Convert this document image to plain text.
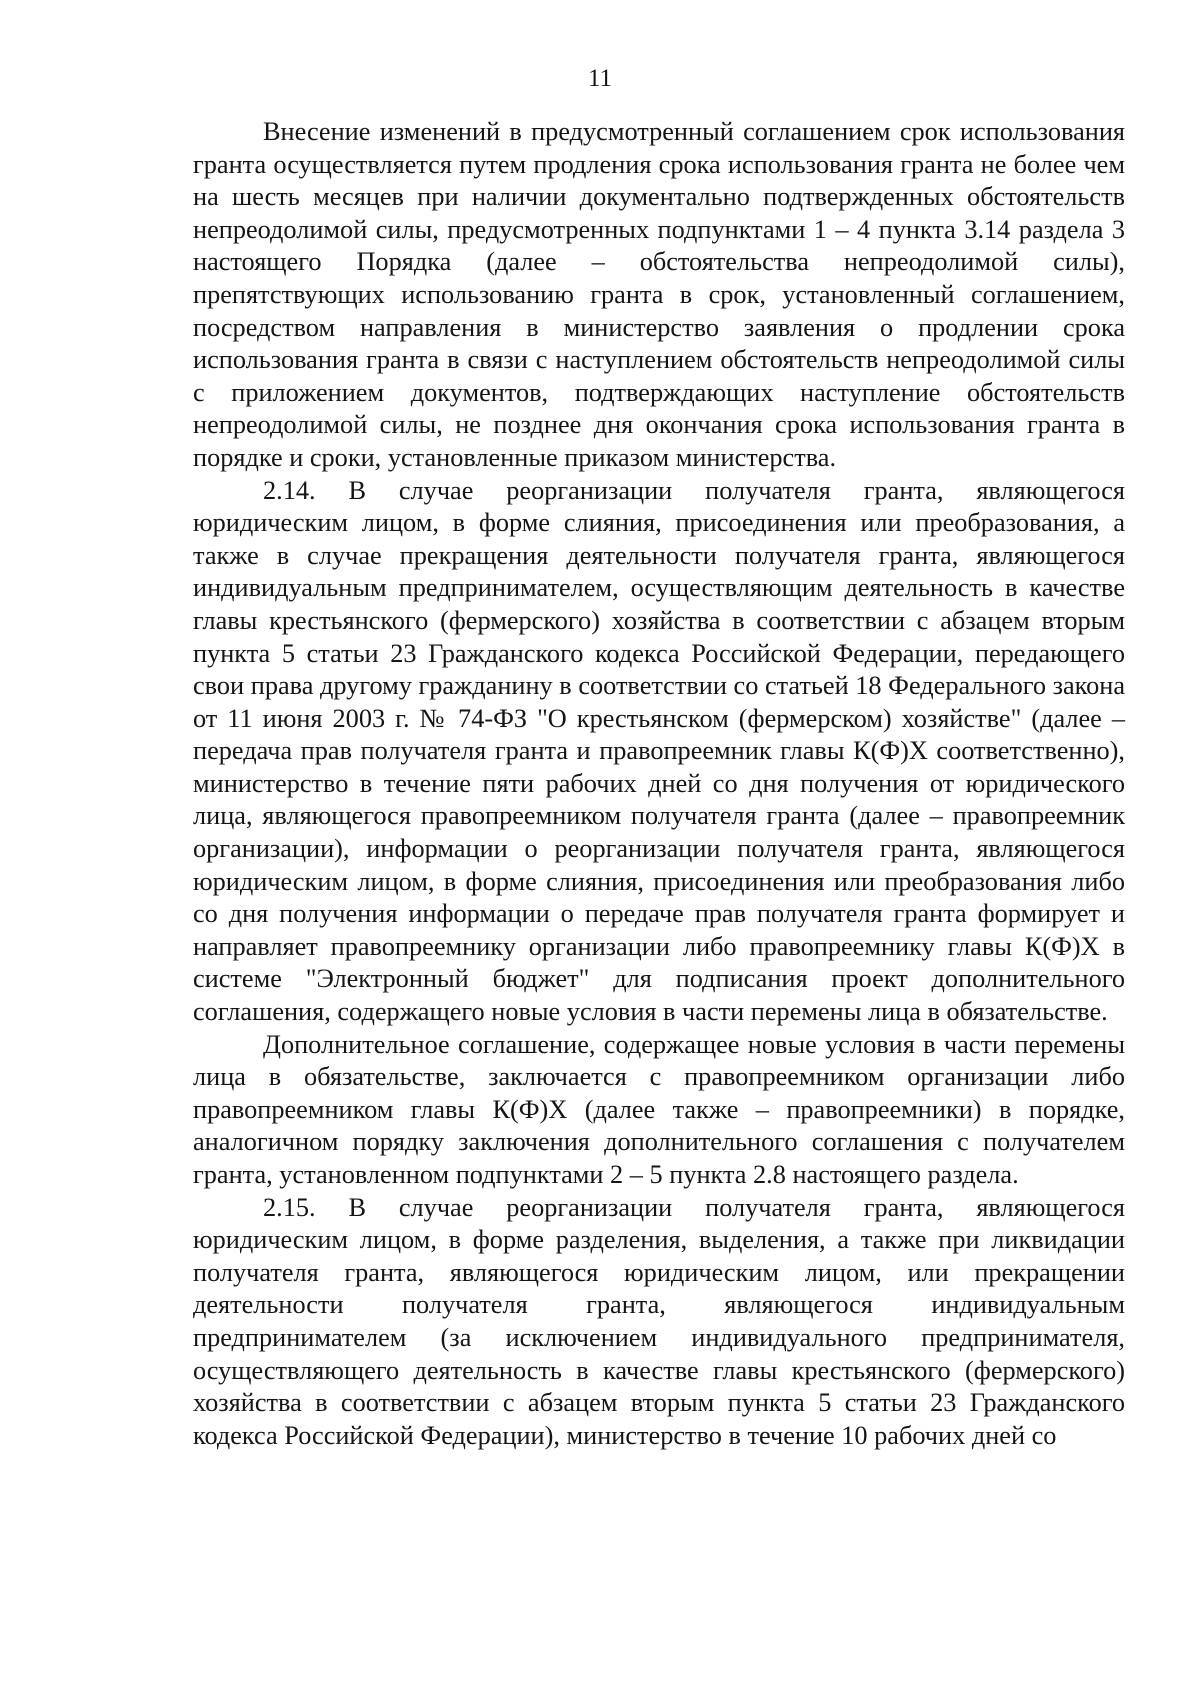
11

Внесение изменений в предусмотренный соглашением срок использования гранта осуществляется путем продления срока использования гранта не более чем на шесть месяцев при наличии документально подтвержденных обстоятельств непреодолимой силы, предусмотренных подпунктами 1 – 4 пункта 3.14 раздела 3 настоящего Порядка (далее – обстоятельства непреодолимой силы), препятствующих использованию гранта в срок, установленный соглашением, посредством направления в министерство заявления о продлении срока использования гранта в связи с наступлением обстоятельств непреодолимой силы с приложением документов, подтверждающих наступление обстоятельств непреодолимой силы, не позднее дня окончания срока использования гранта в порядке и сроки, установленные приказом министерства.

2.14. В случае реорганизации получателя гранта, являющегося юридическим лицом, в форме слияния, присоединения или преобразования, а также в случае прекращения деятельности получателя гранта, являющегося индивидуальным предпринимателем, осуществляющим деятельность в качестве главы крестьянского (фермерского) хозяйства в соответствии с абзацем вторым пункта 5 статьи 23 Гражданского кодекса Российской Федерации, передающего свои права другому гражданину в соответствии со статьей 18 Федерального закона от 11 июня 2003 г. № 74-ФЗ "О крестьянском (фермерском) хозяйстве" (далее – передача прав получателя гранта и правопреемник главы К(Ф)Х соответственно), министерство в течение пяти рабочих дней со дня получения от юридического лица, являющегося правопреемником получателя гранта (далее – правопреемник организации), информации о реорганизации получателя гранта, являющегося юридическим лицом, в форме слияния, присоединения или преобразования либо со дня получения информации о передаче прав получателя гранта формирует и направляет правопреемнику организации либо правопреемнику главы К(Ф)Х в системе "Электронный бюджет" для подписания проект дополнительного соглашения, содержащего новые условия в части перемены лица в обязательстве.

Дополнительное соглашение, содержащее новые условия в части перемены лица в обязательстве, заключается с правопреемником организации либо правопреемником главы К(Ф)Х (далее также – правопреемники) в порядке, аналогичном порядку заключения дополнительного соглашения с получателем гранта, установленном подпунктами 2 – 5 пункта 2.8 настоящего раздела.

2.15. В случае реорганизации получателя гранта, являющегося юридическим лицом, в форме разделения, выделения, а также при ликвидации получателя гранта, являющегося юридическим лицом, или прекращении деятельности получателя гранта, являющегося индивидуальным предпринимателем (за исключением индивидуального предпринимателя, осуществляющего деятельность в качестве главы крестьянского (фермерского) хозяйства в соответствии с абзацем вторым пункта 5 статьи 23 Гражданского кодекса Российской Федерации), министерство в течение 10 рабочих дней со
